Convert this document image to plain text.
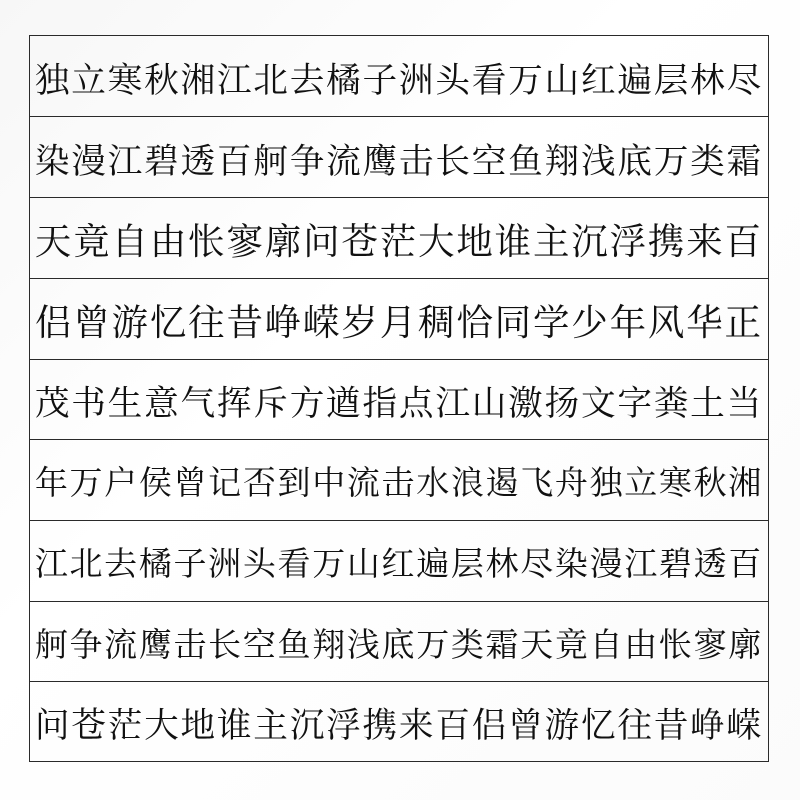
独 立 寒 秋 湘 江 北 去 橘 子 洲 头 看 万 山 红 遍 层 林 尽
染 漫 江 碧 透 百 舸 争 流 鹰 击 长 空 鱼 翔 浅 底 万 类 霜
天 竟 自 由 怅 寥 廓 问 苍 茫 大 地 谁 主 沉 浮 携 来 百
侣 曾 游 忆 往 昔 峥 嵘 岁 月 稠 恰 同 学 少 年 风 华 正
茂 书 生 意 气 挥 斥 方 遒 指 点 江 山 激 扬 文 字 粪 土 当
年 万 户 侯 曾 记 否 到 中 流 击 水 浪 遏 飞 舟 独 立 寒 秋 湘
江 北 去 橘 子 洲 头 看 万 山 红 遍 层 林 尽 染 漫 江 碧 透 百
舸 争 流 鹰 击 长 空 鱼 翔 浅 底 万 类 霜 天 竟 自 由 怅 寥 廓
问 苍 茫 大 地 谁 主 沉 浮 携 来 百 侣 曾 游 忆 往 昔 峥 嵘
